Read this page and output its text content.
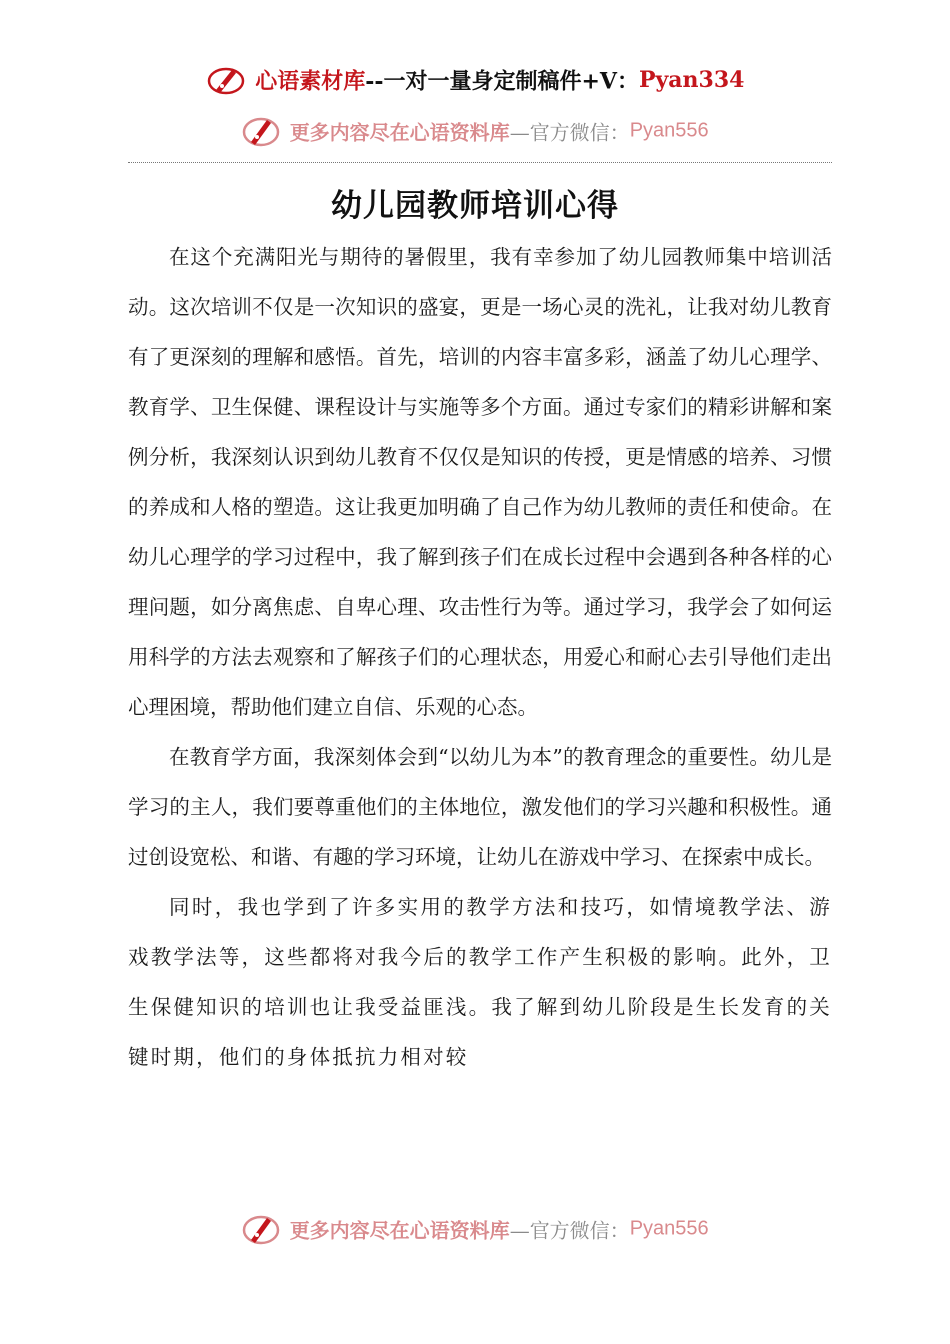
心语素材库--一对一量身定制稿件+V：Pyan334
更多内容尽在心语资料库—官方微信：Pyan556
幼儿园教师培训心得

在这个充满阳光与期待的暑假里，我有幸参加了幼儿园教师集中培训活动。这次培训不仅是一次知识的盛宴，更是一场心灵的洗礼，让我对幼儿教育有了更深刻的理解和感悟。首先，培训的内容丰富多彩，涵盖了幼儿心理学、教育学、卫生保健、课程设计与实施等多个方面。通过专家们的精彩讲解和案例分析，我深刻认识到幼儿教育不仅仅是知识的传授，更是情感的培养、习惯的养成和人格的塑造。这让我更加明确了自己作为幼儿教师的责任和使命。在幼儿心理学的学习过程中，我了解到孩子们在成长过程中会遇到各种各样的心理问题，如分离焦虑、自卑心理、攻击性行为等。通过学习，我学会了如何运用科学的方法去观察和了解孩子们的心理状态，用爱心和耐心去引导他们走出心理困境，帮助他们建立自信、乐观的心态。

在教育学方面，我深刻体会到“以幼儿为本”的教育理念的重要性。幼儿是学习的主人，我们要尊重他们的主体地位，激发他们的学习兴趣和积极性。通过创设宽松、和谐、有趣的学习环境，让幼儿在游戏中学习、在探索中成长。

同时，我也学到了许多实用的教学方法和技巧，如情境教学法、游戏教学法等，这些都将对我今后的教学工作产生积极的影响。此外，卫生保健知识的培训也让我受益匪浅。我了解到幼儿阶段是生长发育的关键时期，他们的身体抵抗力相对较

更多内容尽在心语资料库—官方微信：Pyan556
